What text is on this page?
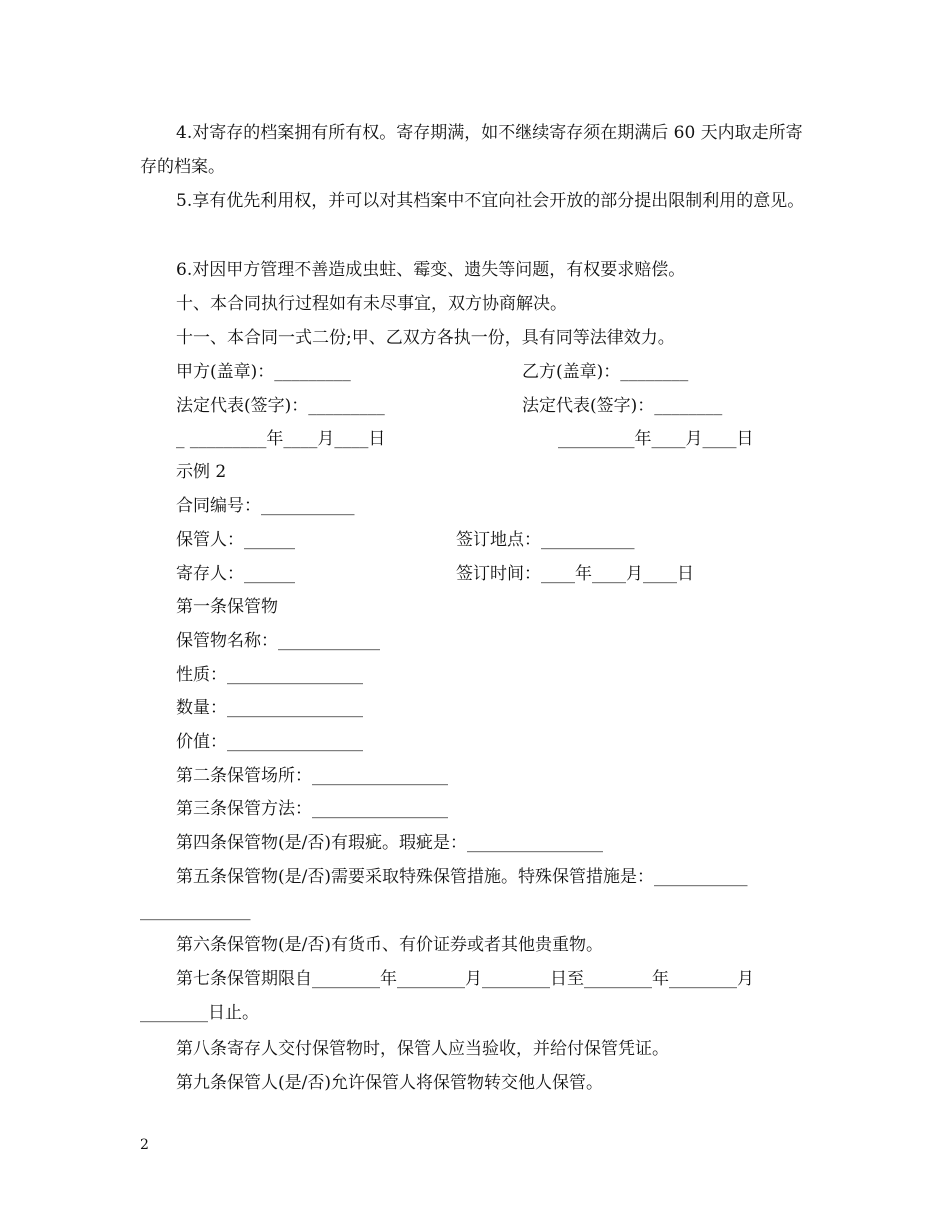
4.对寄存的档案拥有所有权。寄存期满，如不继续寄存须在期满后 60 天内取走所寄存的档案。
5.享有优先利用权，并可以对其档案中不宜向社会开放的部分提出限制利用的意见。
6.对因甲方管理不善造成虫蛀、霉变、遗失等问题，有权要求赔偿。
十、本合同执行过程如有未尽事宜，双方协商解决。
十一、本合同一式二份;甲、乙双方各执一份，具有同等法律效力。
甲方(盖章)：_________	乙方(盖章)：________
法定代表(签字)：_________	法定代表(签字)：________
_ _________年____月____日	_________年____月____日
示例 2
合同编号：___________
保管人：______	签订地点：___________
寄存人：______	签订时间：____年____月____日
第一条保管物
保管物名称：____________
性质：________________
数量：________________
价值：________________
第二条保管场所：________________
第三条保管方法：________________
第四条保管物(是/否)有瑕疵。瑕疵是：________________
第五条保管物(是/否)需要采取特殊保管措施。特殊保管措施是：___________
_____________
第六条保管物(是/否)有货币、有价证券或者其他贵重物。
第七条保管期限自________年________月________日至________年________月
________日止。
第八条寄存人交付保管物时，保管人应当验收，并给付保管凭证。
第九条保管人(是/否)允许保管人将保管物转交他人保管。
2
